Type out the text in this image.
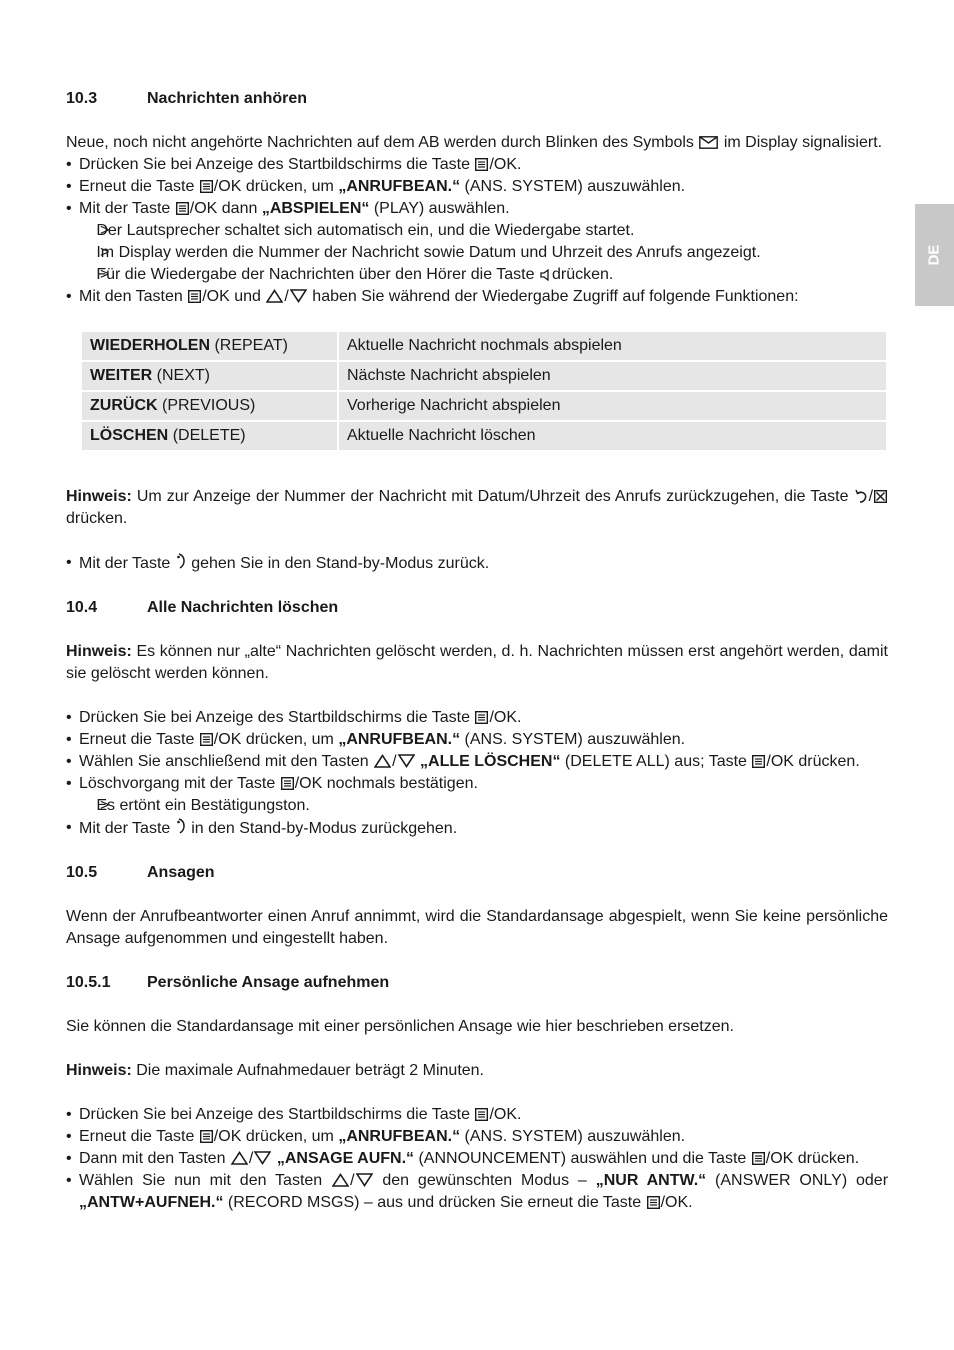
DE
10.3	Nachrichten anhören

Neue, noch nicht angehörte Nachrichten auf dem AB werden durch Blinken des Symbols im Display signalisiert.

• Drücken Sie bei Anzeige des Startbildschirms die Taste /OK.
• Erneut die Taste /OK drücken, um „ANRUFBEAN.“ (ANS. SYSTEM) auszuwählen.
• Mit der Taste /OK dann „ABSPIELEN“ (PLAY) auswählen.
> Der Lautsprecher schaltet sich automatisch ein, und die Wiedergabe startet.
> Im Display werden die Nummer der Nachricht sowie Datum und Uhrzeit des Anrufs angezeigt.
> Für die Wiedergabe der Nachrichten über den Hörer die Taste drücken.
• Mit den Tasten /OK und / haben Sie während der Wiedergabe Zugriff auf folgende Funktionen:
WIEDERHOLEN (REPEAT)	Aktuelle Nachricht nochmals abspielen
WEITER (NEXT)	Nächste Nachricht abspielen
ZURÜCK (PREVIOUS)	Vorherige Nachricht abspielen
LÖSCHEN (DELETE)	Aktuelle Nachricht löschen

Hinweis: Um zur Anzeige der Nummer der Nachricht mit Datum/Uhrzeit des Anrufs zurückzugehen, die Taste / drücken.

• Mit der Taste gehen Sie in den Stand-by-Modus zurück.
10.4	Alle Nachrichten löschen

Hinweis: Es können nur „alte“ Nachrichten gelöscht werden, d. h. Nachrichten müssen erst angehört werden, damit sie gelöscht werden können.

• Drücken Sie bei Anzeige des Startbildschirms die Taste /OK.
• Erneut die Taste /OK drücken, um „ANRUFBEAN.“ (ANS. SYSTEM) auszuwählen.
• Wählen Sie anschließend mit den Tasten / „ALLE LÖSCHEN“ (DELETE ALL) aus; Taste /OK drücken.
• Löschvorgang mit der Taste /OK nochmals bestätigen.
> Es ertönt ein Bestätigungston.
• Mit der Taste in den Stand-by-Modus zurückgehen.
10.5	Ansagen

Wenn der Anrufbeantworter einen Anruf annimmt, wird die Standardansage abgespielt, wenn Sie keine persönliche Ansage aufgenommen und eingestellt haben.

10.5.1 Persönliche Ansage aufnehmen

Sie können die Standardansage mit einer persönlichen Ansage wie hier beschrieben ersetzen.

Hinweis: Die maximale Aufnahmedauer beträgt 2 Minuten.

• Drücken Sie bei Anzeige des Startbildschirms die Taste /OK.
• Erneut die Taste /OK drücken, um „ANRUFBEAN.“ (ANS. SYSTEM) auszuwählen.
• Dann mit den Tasten / „ANSAGE AUFN.“ (ANNOUNCEMENT) auswählen und die Taste /OK drücken.
• Wählen Sie nun mit den Tasten / den gewünschten Modus – „NUR ANTW.“ (ANSWER ONLY) oder „ANTW+AUFNEH.“ (RECORD MSGS) – aus und drücken Sie erneut die Taste /OK.
